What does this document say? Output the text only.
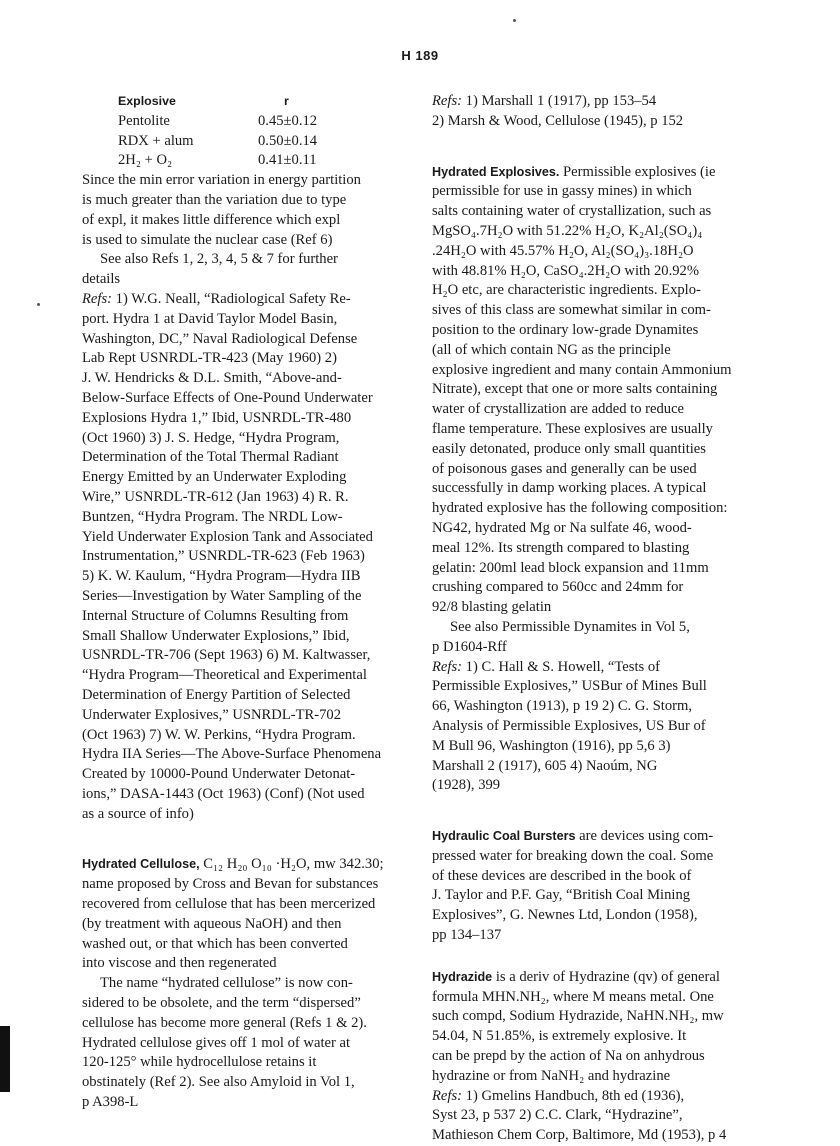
H 189
Explosive	r
Pentolite	0.45±0.12
RDX + alum	0.50±0.14
2H₂ + O₂	0.41±0.11

Since the min error variation in energy partition

is much greater than the variation due to type

of expl, it makes little difference which expl

is used to simulate the nuclear case (Ref 6)

See also Refs 1, 2, 3, 4, 5 & 7 for further

details

Refs: 1) W.G. Neall, “Radiological Safety Re-

port. Hydra 1 at David Taylor Model Basin,

Washington, DC,” Naval Radiological Defense

Lab Rept USNRDL-TR-423 (May 1960) 2)

J. W. Hendricks & D.L. Smith, “Above-and-

Below-Surface Effects of One-Pound Underwater

Explosions Hydra 1,” Ibid, USNRDL-TR-480

(Oct 1960) 3) J. S. Hedge, “Hydra Program,

Determination of the Total Thermal Radiant

Energy Emitted by an Underwater Exploding

Wire,” USNRDL-TR-612 (Jan 1963) 4) R. R.

Buntzen, “Hydra Program. The NRDL Low-

Yield Underwater Explosion Tank and Associated

Instrumentation,” USNRDL-TR-623 (Feb 1963)

5) K. W. Kaulum, “Hydra Program—Hydra IIB

Series—Investigation by Water Sampling of the

Internal Structure of Columns Resulting from

Small Shallow Underwater Explosions,” Ibid,

USNRDL-TR-706 (Sept 1963) 6) M. Kaltwasser,

“Hydra Program—Theoretical and Experimental

Determination of Energy Partition of Selected

Underwater Explosives,” USNRDL-TR-702

(Oct 1963) 7) W. W. Perkins, “Hydra Program.

Hydra IIA Series—The Above-Surface Phenomena

Created by 10000-Pound Underwater Detonat-

ions,” DASA-1443 (Oct 1963) (Conf) (Not used

as a source of info)

Hydrated Cellulose, C₁₂ H₂₀ O₁₀ ·H₂O, mw 342.30;

name proposed by Cross and Bevan for substances

recovered from cellulose that has been mercerized

(by treatment with aqueous NaOH) and then

washed out, or that which has been converted

into viscose and then regenerated

The name “hydrated cellulose” is now con-

sidered to be obsolete, and the term “dispersed”

cellulose has become more general (Refs 1 & 2).

Hydrated cellulose gives off 1 mol of water at

120-125° while hydrocellulose retains it

obstinately (Ref 2). See also Amyloid in Vol 1,

p A398-L

Refs: 1) Marshall 1 (1917), pp 153–54

2) Marsh & Wood, Cellulose (1945), p 152

Hydrated Explosives. Permissible explosives (ie

permissible for use in gassy mines) in which

salts containing water of crystallization, such as

MgSO₄.7H₂O with 51.22% H₂O, K₂Al₂(SO₄)₄

.24H₂O with 45.57% H₂O, Al₂(SO₄)₃.18H₂O

with 48.81% H₂O, CaSO₄.2H₂O with 20.92%

H₂O etc, are characteristic ingredients. Explo-

sives of this class are somewhat similar in com-

position to the ordinary low-grade Dynamites

(all of which contain NG as the principle

explosive ingredient and many contain Ammonium

Nitrate), except that one or more salts containing

water of crystallization are added to reduce

flame temperature. These explosives are usually

easily detonated, produce only small quantities

of poisonous gases and generally can be used

successfully in damp working places. A typical

hydrated explosive has the following composition:

NG42, hydrated Mg or Na sulfate 46, wood-

meal 12%. Its strength compared to blasting

gelatin: 200ml lead block expansion and 11mm

crushing compared to 560cc and 24mm for

92/8 blasting gelatin

See also Permissible Dynamites in Vol 5,

p D1604-Rff

Refs: 1) C. Hall & S. Howell, “Tests of

Permissible Explosives,” USBur of Mines Bull

66, Washington (1913), p 19 2) C. G. Storm,

Analysis of Permissible Explosives, US Bur of

M Bull 96, Washington (1916), pp 5,6 3)

Marshall 2 (1917), 605 4) Naoúm, NG

(1928), 399

Hydraulic Coal Bursters are devices using com-

pressed water for breaking down the coal. Some

of these devices are described in the book of

J. Taylor and P.F. Gay, “British Coal Mining

Explosives”, G. Newnes Ltd, London (1958),

pp 134–137

Hydrazide is a deriv of Hydrazine (qv) of general

formula MHN.NH₂, where M means metal. One

such compd, Sodium Hydrazide, NaHN.NH₂, mw

54.04, N 51.85%, is extremely explosive. It

can be prepd by the action of Na on anhydrous

hydrazine or from NaNH₂ and hydrazine

Refs: 1) Gmelins Handbuch, 8th ed (1936),

Syst 23, p 537 2) C.C. Clark, “Hydrazine”,

Mathieson Chem Corp, Baltimore, Md (1953), p 4
